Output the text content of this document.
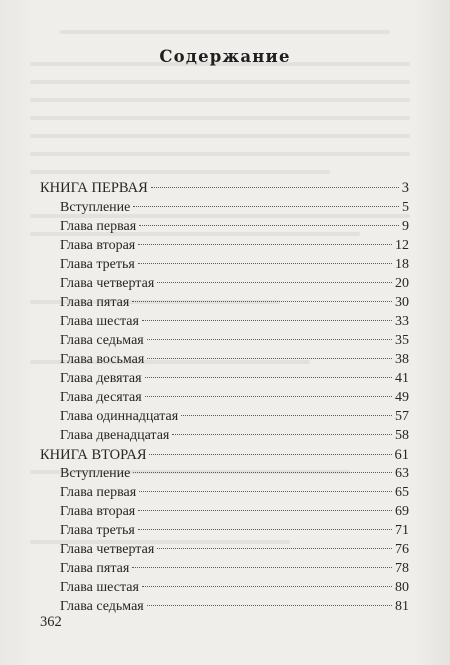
Содержание
КНИГА ПЕРВАЯ	3
Вступление	5
Глава первая	9
Глава вторая	12
Глава третья	18
Глава четвертая	20
Глава пятая	30
Глава шестая	33
Глава седьмая	35
Глава восьмая	38
Глава девятая	41
Глава десятая	49
Глава одиннадцатая	57
Глава двенадцатая	58
КНИГА ВТОРАЯ	61
Вступление	63
Глава первая	65
Глава вторая	69
Глава третья	71
Глава четвертая	76
Глава пятая	78
Глава шестая	80
Глава седьмая	81
362
